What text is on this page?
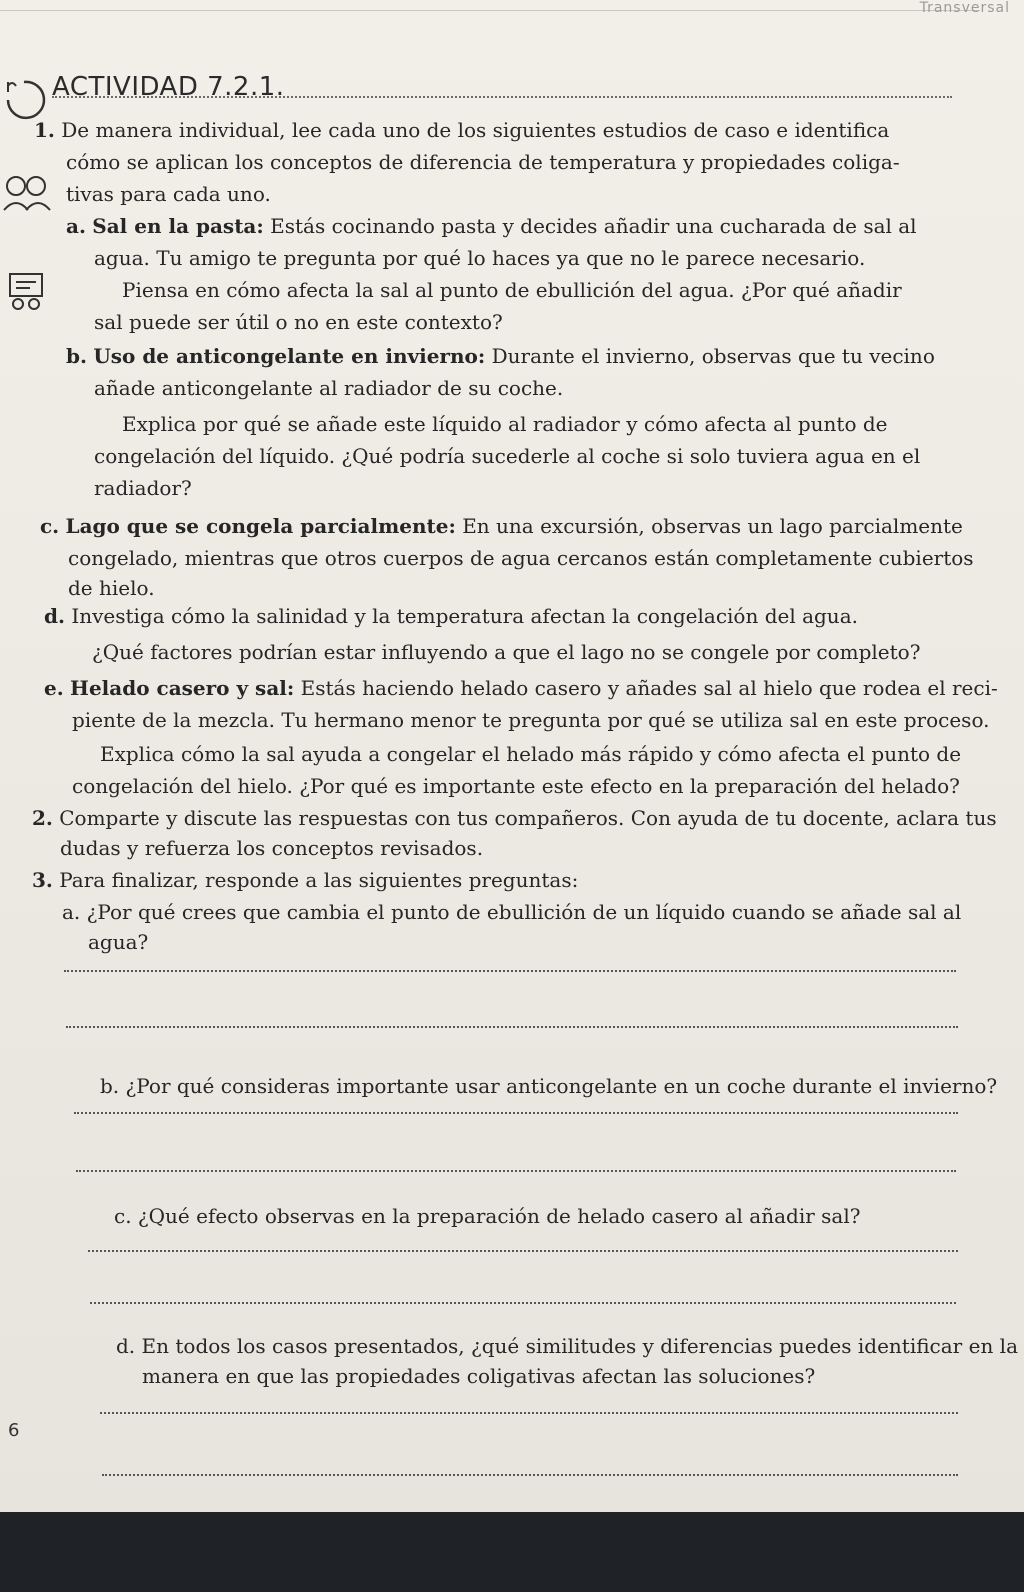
ACTIVIDAD 7.2.1.
1. De manera individual, lee cada uno de los siguientes estudios de caso e identifica
cómo se aplican los conceptos de diferencia de temperatura y propiedades coliga-
tivas para cada uno.
a. Sal en la pasta: Estás cocinando pasta y decides añadir una cucharada de sal al
agua. Tu amigo te pregunta por qué lo haces ya que no le parece necesario.
Piensa en cómo afecta la sal al punto de ebullición del agua. ¿Por qué añadir
sal puede ser útil o no en este contexto?
b. Uso de anticongelante en invierno: Durante el invierno, observas que tu vecino
añade anticongelante al radiador de su coche.
Explica por qué se añade este líquido al radiador y cómo afecta al punto de
congelación del líquido. ¿Qué podría sucederle al coche si solo tuviera agua en el
radiador?
c. Lago que se congela parcialmente: En una excursión, observas un lago parcialmente
congelado, mientras que otros cuerpos de agua cercanos están completamente cubiertos
de hielo.
d. Investiga cómo la salinidad y la temperatura afectan la congelación del agua.
¿Qué factores podrían estar influyendo a que el lago no se congele por completo?
e. Helado casero y sal: Estás haciendo helado casero y añades sal al hielo que rodea el reci-
piente de la mezcla. Tu hermano menor te pregunta por qué se utiliza sal en este proceso.
Explica cómo la sal ayuda a congelar el helado más rápido y cómo afecta el punto de
congelación del hielo. ¿Por qué es importante este efecto en la preparación del helado?
2. Comparte y discute las respuestas con tus compañeros. Con ayuda de tu docente, aclara tus
dudas y refuerza los conceptos revisados.
3. Para finalizar, responde a las siguientes preguntas:
a. ¿Por qué crees que cambia el punto de ebullición de un líquido cuando se añade sal al
agua?
b. ¿Por qué consideras importante usar anticongelante en un coche durante el invierno?
c. ¿Qué efecto observas en la preparación de helado casero al añadir sal?
d. En todos los casos presentados, ¿qué similitudes y diferencias puedes identificar en la
manera en que las propiedades coligativas afectan las soluciones?
6
Transversal
